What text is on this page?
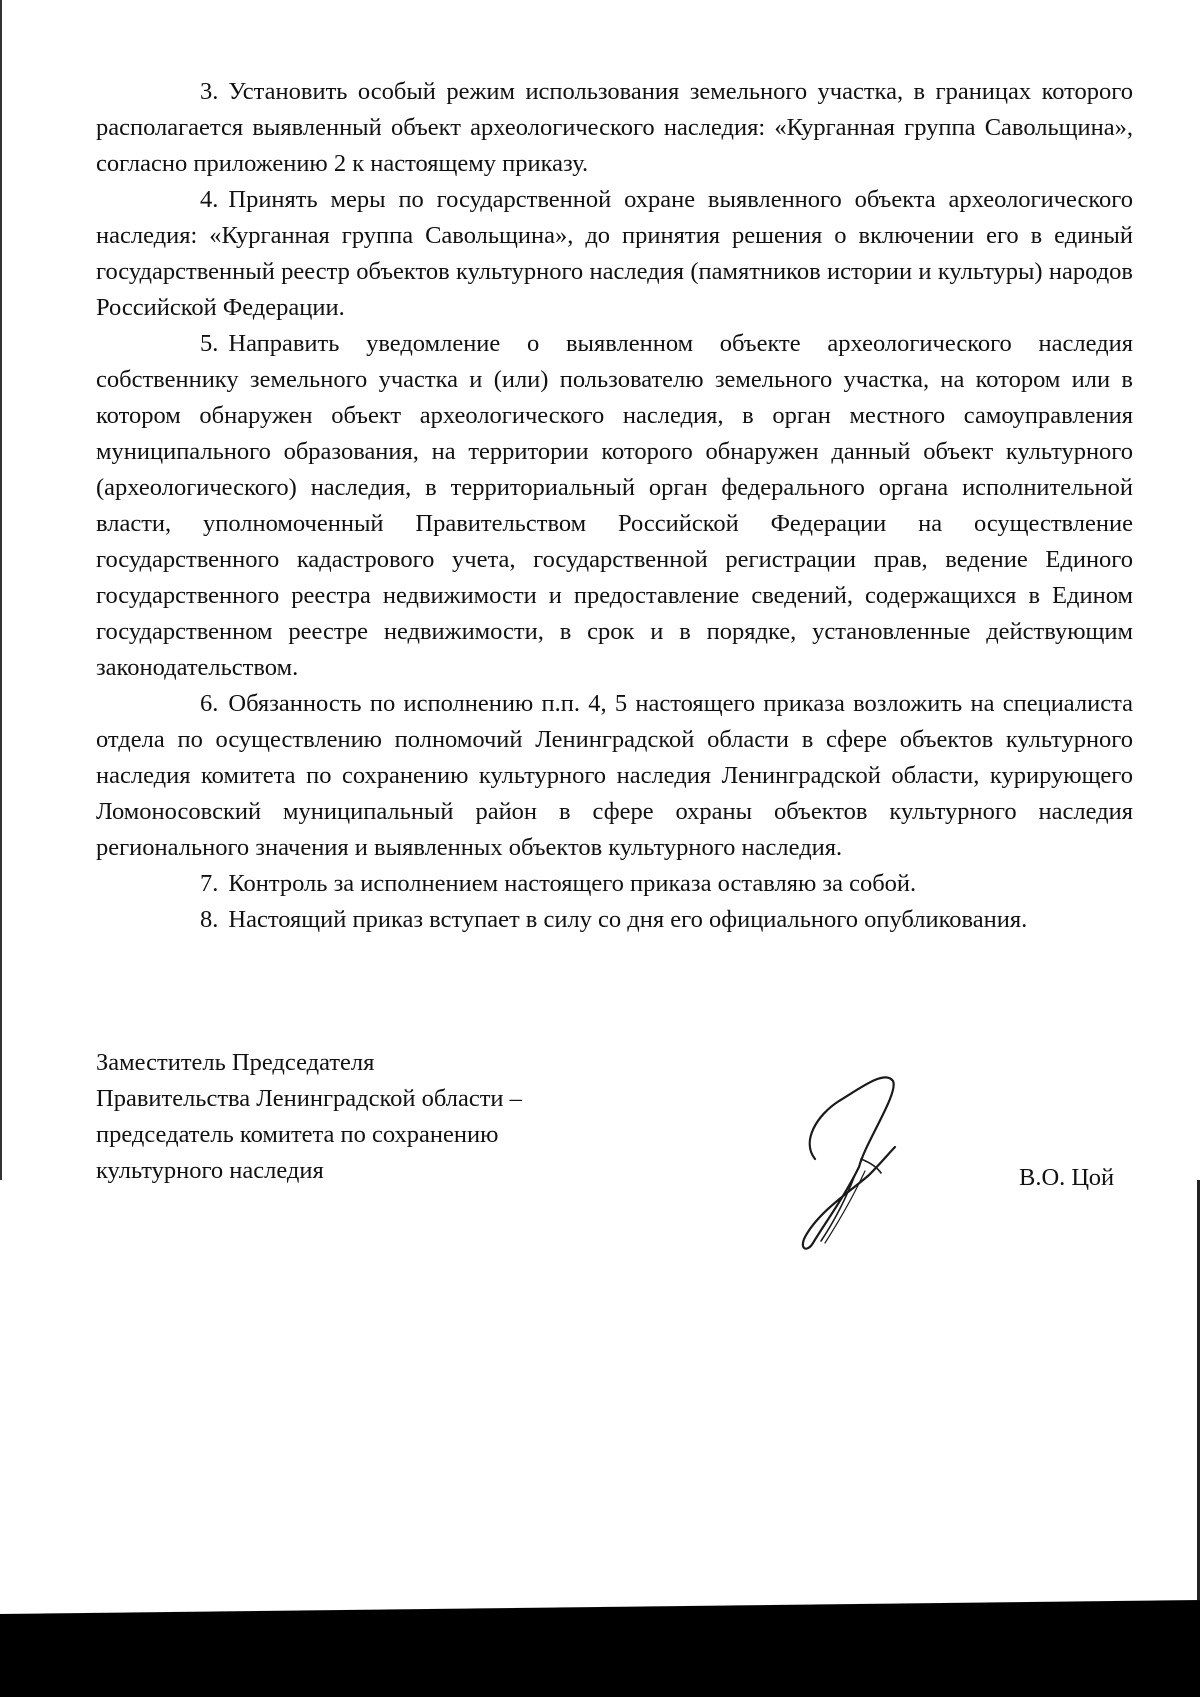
3. Установить особый режим использования земельного участка, в границах которого располагается выявленный объект археологического наследия: «Курганная группа Савольщина», согласно приложению 2 к настоящему приказу.

4. Принять меры по государственной охране выявленного объекта археологического наследия: «Курганная группа Савольщина», до принятия решения о включении его в единый государственный реестр объектов культурного наследия (памятников истории и культуры) народов Российской Федерации.

5. Направить уведомление о выявленном объекте археологического наследия собственнику земельного участка и (или) пользователю земельного участка, на котором или в котором обнаружен объект археологического наследия, в орган местного самоуправления муниципального образования, на территории которого обнаружен данный объект культурного (археологического) наследия, в территориальный орган федерального органа исполнительной власти, уполномоченный Правительством Российской Федерации на осуществление государственного кадастрового учета, государственной регистрации прав, ведение Единого государственного реестра недвижимости и предоставление сведений, содержащихся в Едином государственном реестре недвижимости, в срок и в порядке, установленные действующим законодательством.

6. Обязанность по исполнению п.п. 4, 5 настоящего приказа возложить на специалиста отдела по осуществлению полномочий Ленинградской области в сфере объектов культурного наследия комитета по сохранению культурного наследия Ленинградской области, курирующего Ломоносовский муниципальный район в сфере охраны объектов культурного наследия регионального значения и выявленных объектов культурного наследия.

7. Контроль за исполнением настоящего приказа оставляю за собой.

8. Настоящий приказ вступает в силу со дня его официального опубликования.

Заместитель Председателя
Правительства Ленинградской области –
председатель комитета по сохранению
культурного наследия	В.О. Цой
